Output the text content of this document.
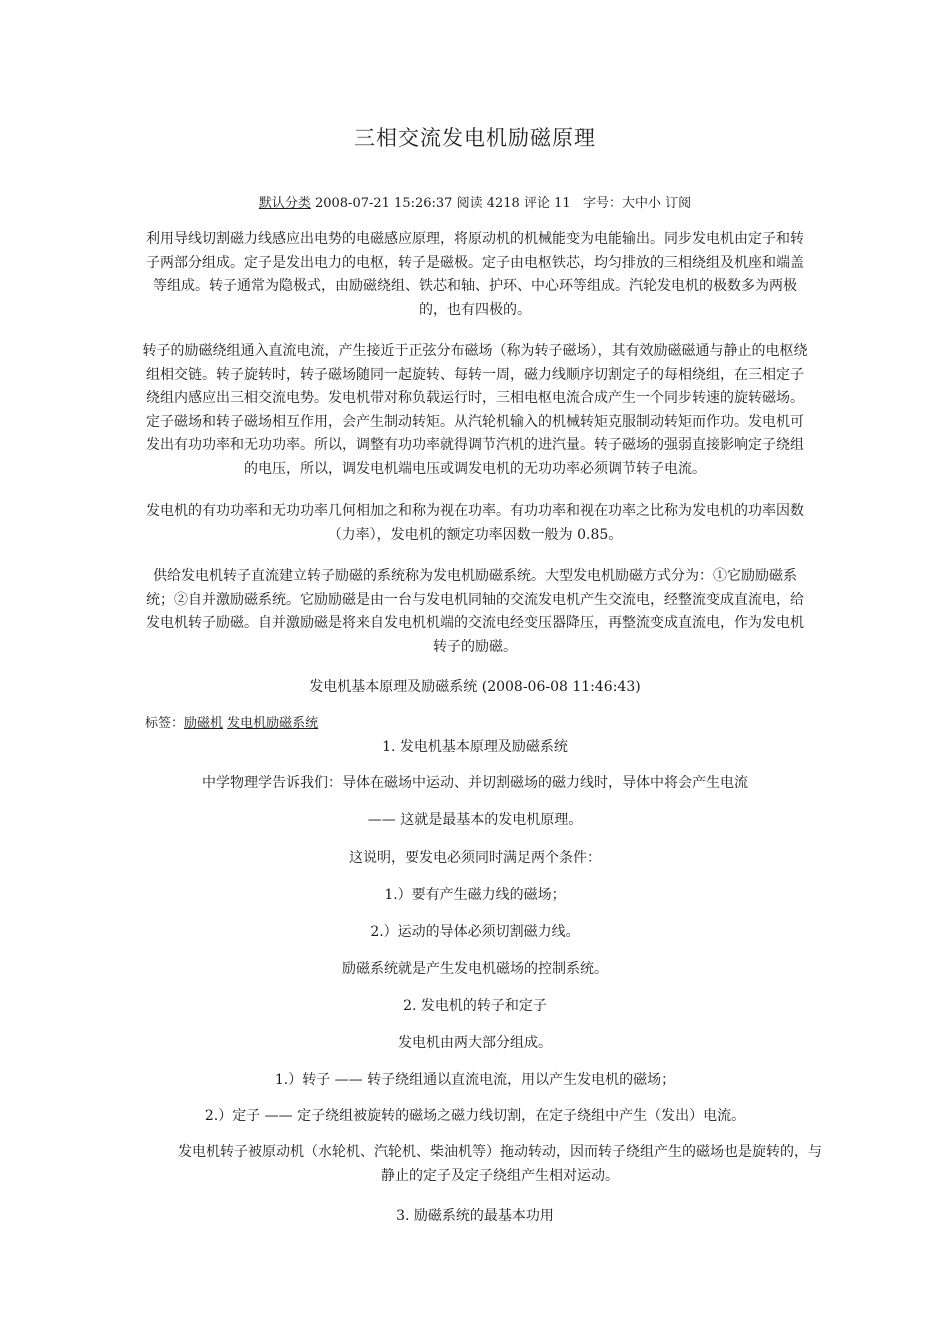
三相交流发电机励磁原理
默认分类 2008-07-21 15:26:37 阅读 4218 评论 11 字号：大中小 订阅

利用导线切割磁力线感应出电势的电磁感应原理，将原动机的机械能变为电能输出。同步发电机由定子和转子两部分组成。定子是发出电力的电枢，转子是磁极。定子由电枢铁芯，均匀排放的三相绕组及机座和端盖等组成。转子通常为隐极式，由励磁绕组、铁芯和轴、护环、中心环等组成。汽轮发电机的极数多为两极的，也有四极的。

转子的励磁绕组通入直流电流，产生接近于正弦分布磁场（称为转子磁场），其有效励磁磁通与静止的电枢绕组相交链。转子旋转时，转子磁场随同一起旋转、每转一周，磁力线顺序切割定子的每相绕组，在三相定子绕组内感应出三相交流电势。发电机带对称负载运行时，三相电枢电流合成产生一个同步转速的旋转磁场。定子磁场和转子磁场相互作用，会产生制动转矩。从汽轮机输入的机械转矩克服制动转矩而作功。发电机可发出有功功率和无功功率。所以，调整有功功率就得调节汽机的进汽量。转子磁场的强弱直接影响定子绕组的电压，所以，调发电机端电压或调发电机的无功功率必须调节转子电流。

发电机的有功功率和无功功率几何相加之和称为视在功率。有功功率和视在功率之比称为发电机的功率因数（力率），发电机的额定功率因数一般为 0.85。

供给发电机转子直流建立转子励磁的系统称为发电机励磁系统。大型发电机励磁方式分为：①它励励磁系统；②自并激励磁系统。它励励磁是由一台与发电机同轴的交流发电机产生交流电，经整流变成直流电，给发电机转子励磁。自并激励磁是将来自发电机机端的交流电经变压器降压，再整流变成直流电，作为发电机转子的励磁。

发电机基本原理及励磁系统 (2008-06-08 11:46:43)

标签：励磁机 发电机励磁系统

1. 发电机基本原理及励磁系统

中学物理学告诉我们：导体在磁场中运动、并切割磁场的磁力线时，导体中将会产生电流

—— 这就是最基本的发电机原理。

这说明，要发电必须同时满足两个条件：

1.）要有产生磁力线的磁场；

2.）运动的导体必须切割磁力线。

励磁系统就是产生发电机磁场的控制系统。

2. 发电机的转子和定子

发电机由两大部分组成。

1.）转子 —— 转子绕组通以直流电流，用以产生发电机的磁场；

2.）定子 —— 定子绕组被旋转的磁场之磁力线切割，在定子绕组中产生（发出）电流。

发电机转子被原动机（水轮机、汽轮机、柴油机等）拖动转动，因而转子绕组产生的磁场也是旋转的，与静止的定子及定子绕组产生相对运动。

3. 励磁系统的最基本功用
